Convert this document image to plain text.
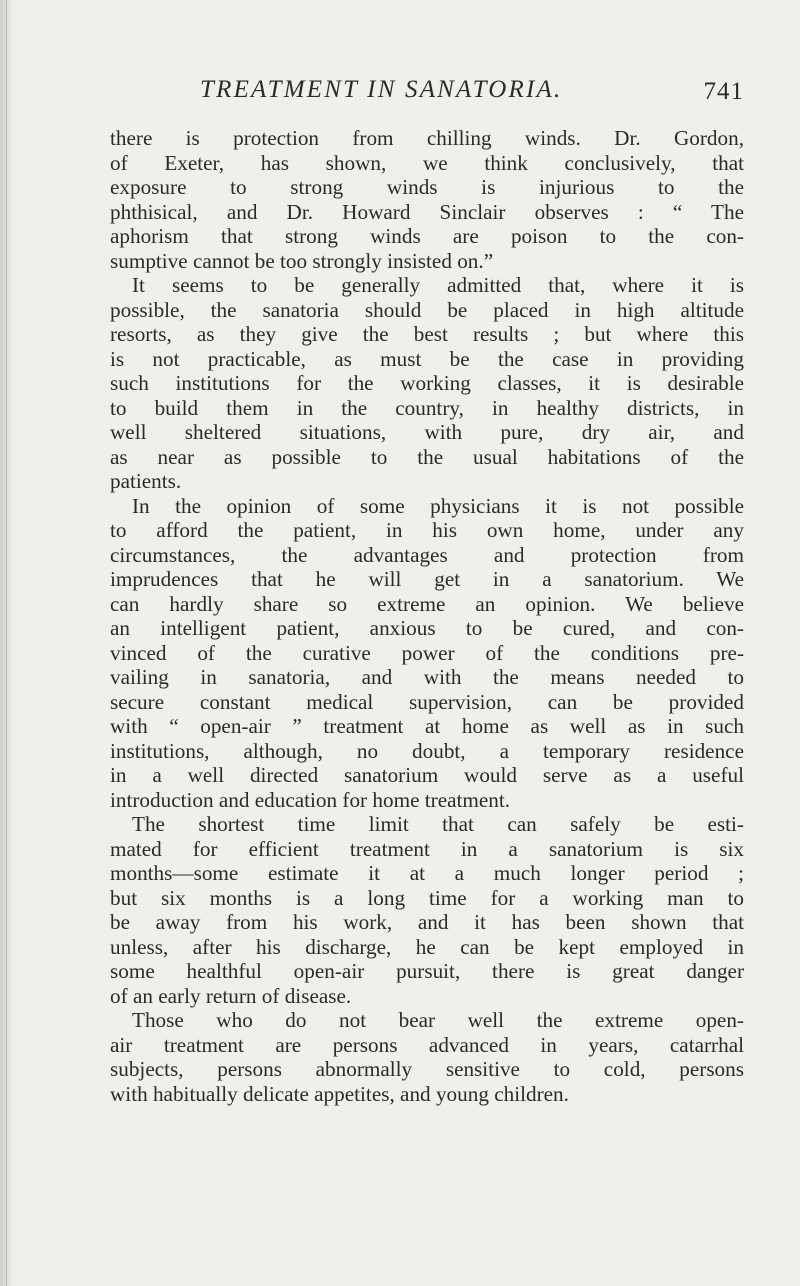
TREATMENT IN SANATORIA.	741
there is protection from chilling winds. Dr. Gordon,
of Exeter, has shown, we think conclusively, that
exposure to strong winds is injurious to the
phthisical, and Dr. Howard Sinclair observes : “ The
aphorism that strong winds are poison to the con-
sumptive cannot be too strongly insisted on.”
It seems to be generally admitted that, where it is
possible, the sanatoria should be placed in high altitude
resorts, as they give the best results ; but where this
is not practicable, as must be the case in providing
such institutions for the working classes, it is desirable
to build them in the country, in healthy districts, in
well sheltered situations, with pure, dry air, and
as near as possible to the usual habitations of the
patients.
In the opinion of some physicians it is not possible
to afford the patient, in his own home, under any
circumstances, the advantages and protection from
imprudences that he will get in a sanatorium. We
can hardly share so extreme an opinion. We believe
an intelligent patient, anxious to be cured, and con-
vinced of the curative power of the conditions pre-
vailing in sanatoria, and with the means needed to
secure constant medical supervision, can be provided
with “ open-air ” treatment at home as well as in such
institutions, although, no doubt, a temporary residence
in a well directed sanatorium would serve as a useful
introduction and education for home treatment.
The shortest time limit that can safely be esti-
mated for efficient treatment in a sanatorium is six
months—some estimate it at a much longer period ;
but six months is a long time for a working man to
be away from his work, and it has been shown that
unless, after his discharge, he can be kept employed in
some healthful open-air pursuit, there is great danger
of an early return of disease.
Those who do not bear well the extreme open-
air treatment are persons advanced in years, catarrhal
subjects, persons abnormally sensitive to cold, persons
with habitually delicate appetites, and young children.
